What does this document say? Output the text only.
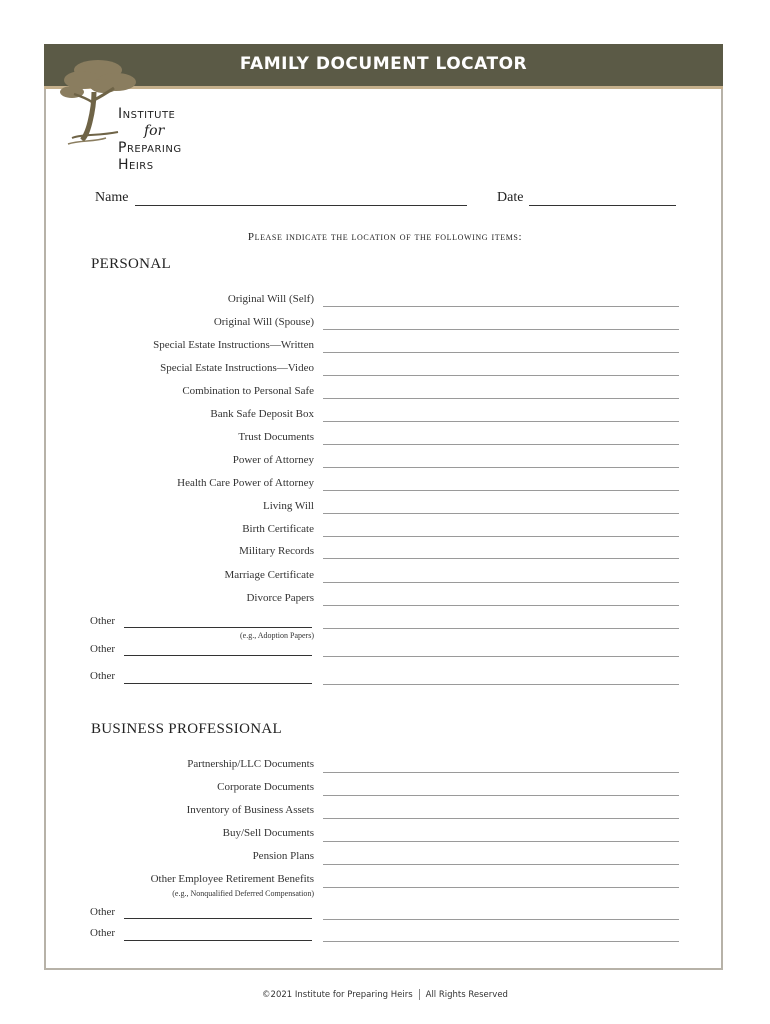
FAMILY DOCUMENT LOCATOR
Institute
for
Preparing
Heirs
Name	Date
Please indicate the location of the following items:
PERSONAL
Original Will (Self)
Original Will (Spouse)
Special Estate Instructions—Written
Special Estate Instructions—Video
Combination to Personal Safe
Bank Safe Deposit Box
Trust Documents
Power of Attorney
Health Care Power of Attorney
Living Will
Birth Certificate
Military Records
Marriage Certificate
Divorce Papers
Other
(e.g., Adoption Papers)
Other
Other
BUSINESS PROFESSIONAL
Partnership/LLC Documents
Corporate Documents
Inventory of Business Assets
Buy/Sell Documents
Pension Plans
Other Employee Retirement Benefits
(e.g., Nonqualified Deferred Compensation)
Other
Other
©2021 Institute for Preparing Heirs All Rights Reserved
